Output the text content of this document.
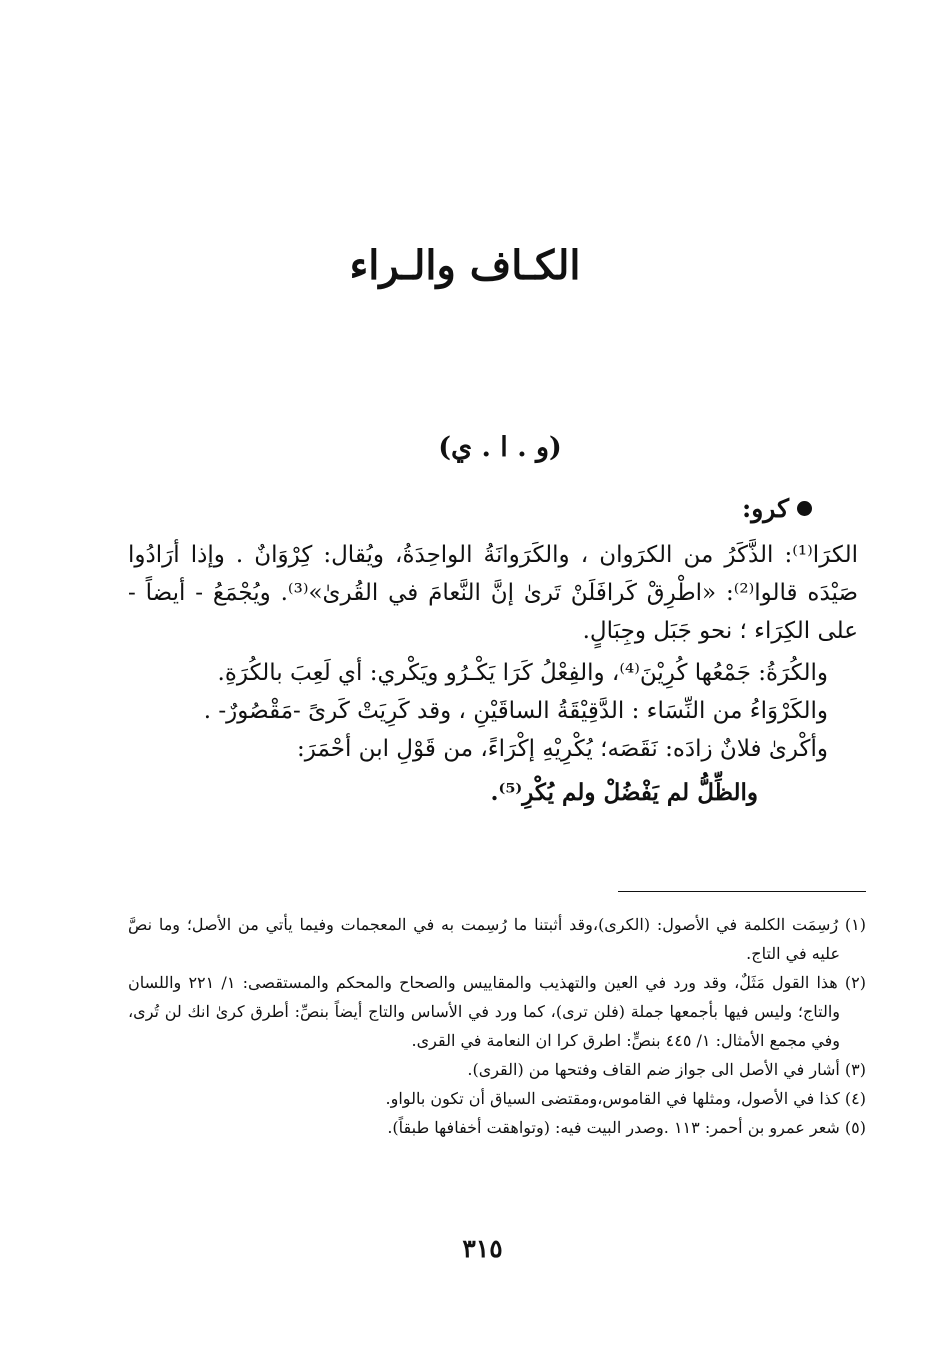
الكـاف والـراء
(و . ا . ي)
كرو:

الكرَا⁽¹⁾: الذَّكَرُ من الكرَوان ، والكَرَوانَةُ الواحِدَةُ، ويُقال: كِرْوَانٌ . وإذا أرَادُوا صَيْدَه قالوا⁽²⁾: «اطْرِقْ كَرافَلَنْ تَرىٰ إنَّ النَّعامَ في القُرىٰ»⁽³⁾. ويُجْمَعُ - أيضاً - على الكِرَاء ؛ نحو جَبَل وجِبَالٍ.

والكُرَةُ: جَمْعُها كُرِيْنَ⁽⁴⁾، والفِعْلُ كَرَا يَكْـرُو ويَكْري: أي لَعِبَ بالكُرَةِ.

والكَرْوَاءُ من النِّسَاء : الدَّقِيْقَةُ الساقَيْنِ ، وقد كَرِيَتْ كَرىً -مَقْصُورٌ- .

وأكْرىٰ فلانٌ زادَه: نَقَصَه؛ يُكْرِيْهِ إكْرَاءً، من قَوْلِ ابن أحْمَرَ:

والظِّلُّ لم يَفْضُلْ ولم يُكْرِ⁽⁵⁾.

(١) رُسِمَت الكلمة في الأصول: (الكرى)،وقد أثبتنا ما رُسِمت به في المعجمات وفيما يأتي من الأصل؛ وما نصَّ عليه في التاج.

(٢) هذا القول مَثَلٌ، وقد ورد في العين والتهذيب والمقاييس والصحاح والمحكم والمستقصى: ١/ ٢٢١ واللسان والتاج؛ وليس فيها بأجمعها جملة (فلن ترى)، كما ورد في الأساس والتاج أيضاً بنصِّ: أطرق كرىٰ انك لن تُرى، وفي مجمع الأمثال: ١/ ٤٤٥ بنصٍّ: اطرق كرا ان النعامة في القرى.

(٣) أشار في الأصل الى جواز ضم القاف وفتحها من (القرى).

(٤) كذا في الأصول، ومثلها في القاموس،ومقتضى السياق أن تكون بالواو.

(٥) شعر عمرو بن أحمر: ١١٣ .وصدر البيت فيه: (وتواهقت أخفافها طبقاً).

٣١٥
